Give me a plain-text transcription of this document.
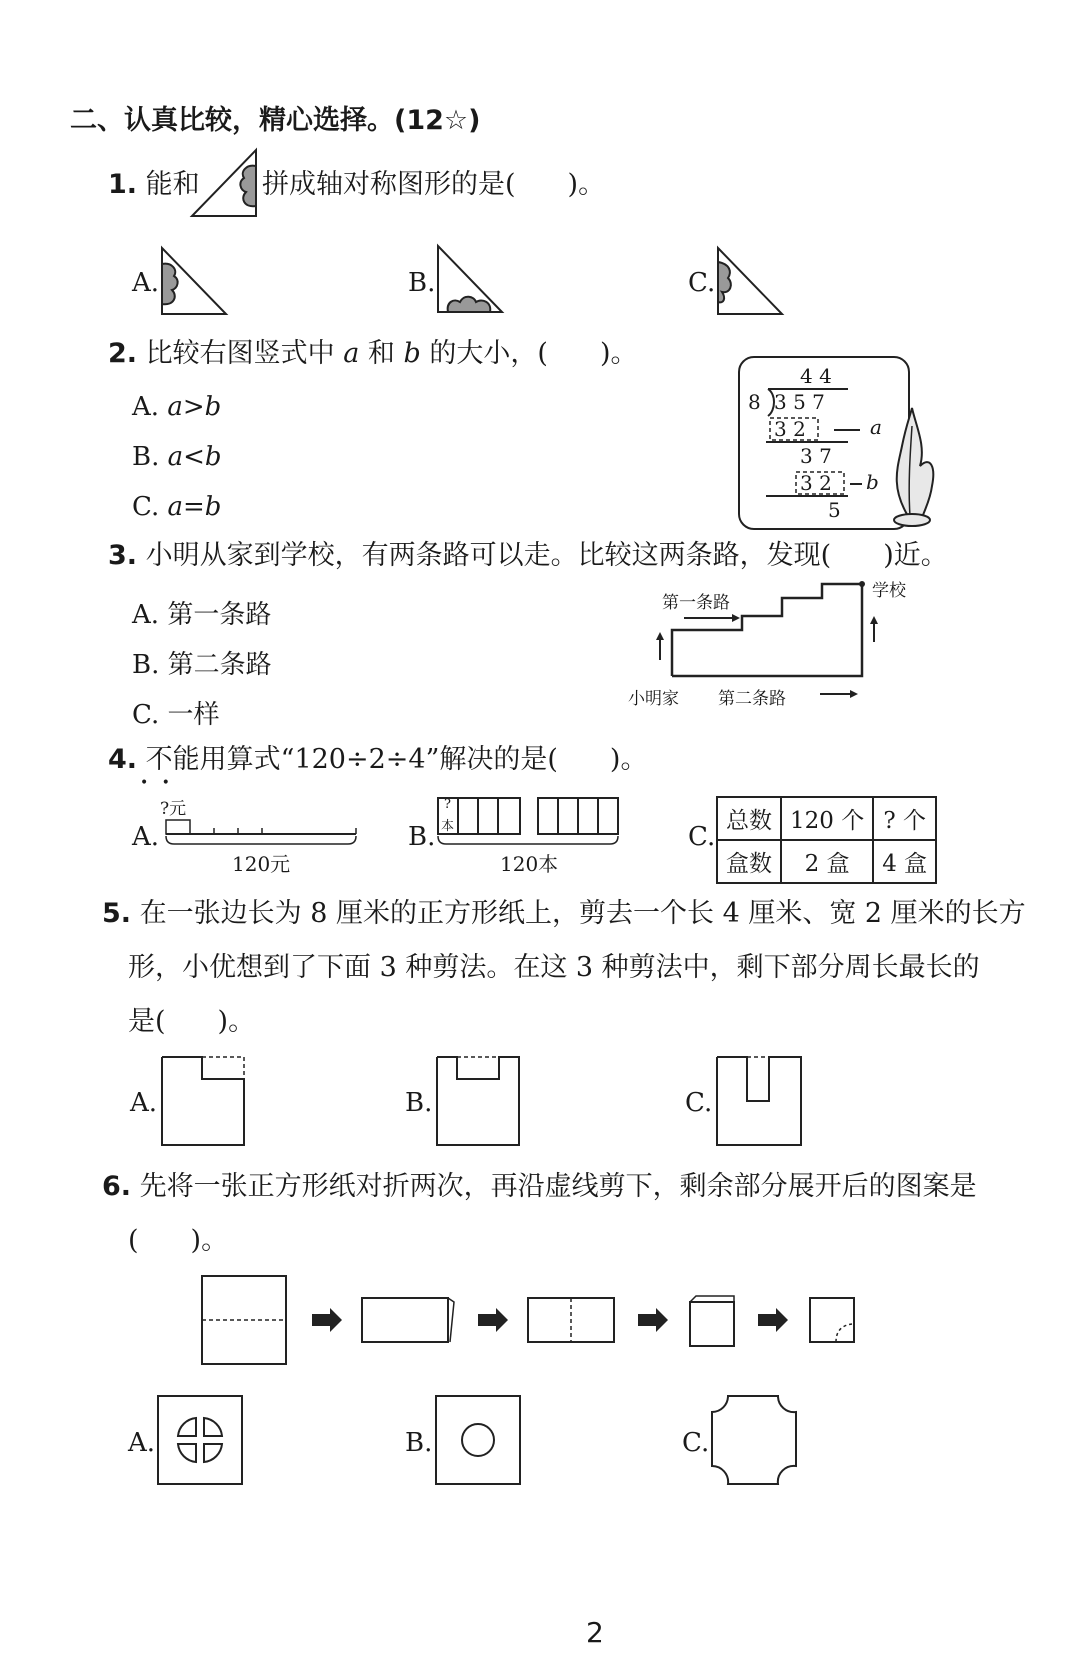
二、认真比较，精心选择。(12☆)
1. 能和 拼成轴对称图形的是( )。
A.	B.	C.
2. 比较右图竖式中 a 和 b 的大小，( )。
A. a>b
B. a<b
C. a=b
4 4
8 3 5 7
3 2	a
3 7
3 2 b
5
3. 小明从家到学校，有两条路可以走。比较这两条路，发现( )近。
A. 第一条路
B. 第二条路
C. 一样
第一条路
学校
小明家 第二条路
4. 不能用算式“120÷2÷4”解决的是( )。
•   •
A.
?元
120元
B.
?
本
120本
C.
总数	120 个	? 个
盒数	2 盒	4 盒
5. 在一张边长为 8 厘米的正方形纸上，剪去一个长 4 厘米、宽 2 厘米的长方
形，小优想到了下面 3 种剪法。在这 3 种剪法中，剩下部分周长最长的
是( )。
A.	B.	C.
6. 先将一张正方形纸对折两次，再沿虚线剪下，剩余部分展开后的图案是
( )。
A.	B.	C.
2
